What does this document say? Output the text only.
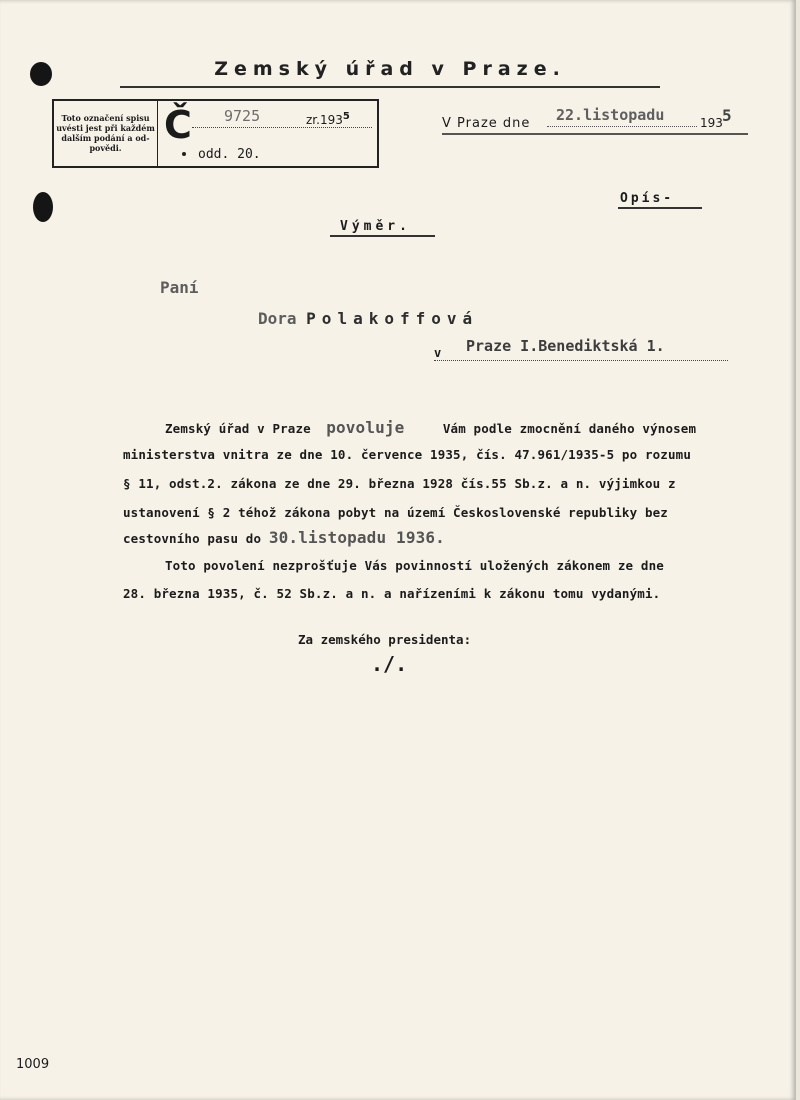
Zemský úřad v Praze.
Toto označení spisu
uvésti jest při každém
dalším podání a od-
povědi.
Č 9725	zr.193$^5$
odd. 20.
V Praze dne 22.listopadu	193 5
Opís-
Výměr.
Paní
Dora Polakoffová
v Praze I.Benediktská 1.
Zemský úřad v Praze povoluje	Vám podle zmocnění daného výnosem
ministerstva vnitra ze dne 10. července 1935, čís. 47.961/1935-5 po rozumu
§ 11, odst.2. zákona ze dne 29. března 1928 čís.55 Sb.z. a n. výjimkou z
ustanovení § 2 téhož zákona pobyt na území Československé republiky bez
cestovního pasu do 30.listopadu 1936.
Toto povolení nezprošťuje Vás povinností uložených zákonem ze dne
28. března 1935, č. 52 Sb.z. a n. a nařízeními k zákonu tomu vydanými.
Za zemského presidenta:
./.
1009
